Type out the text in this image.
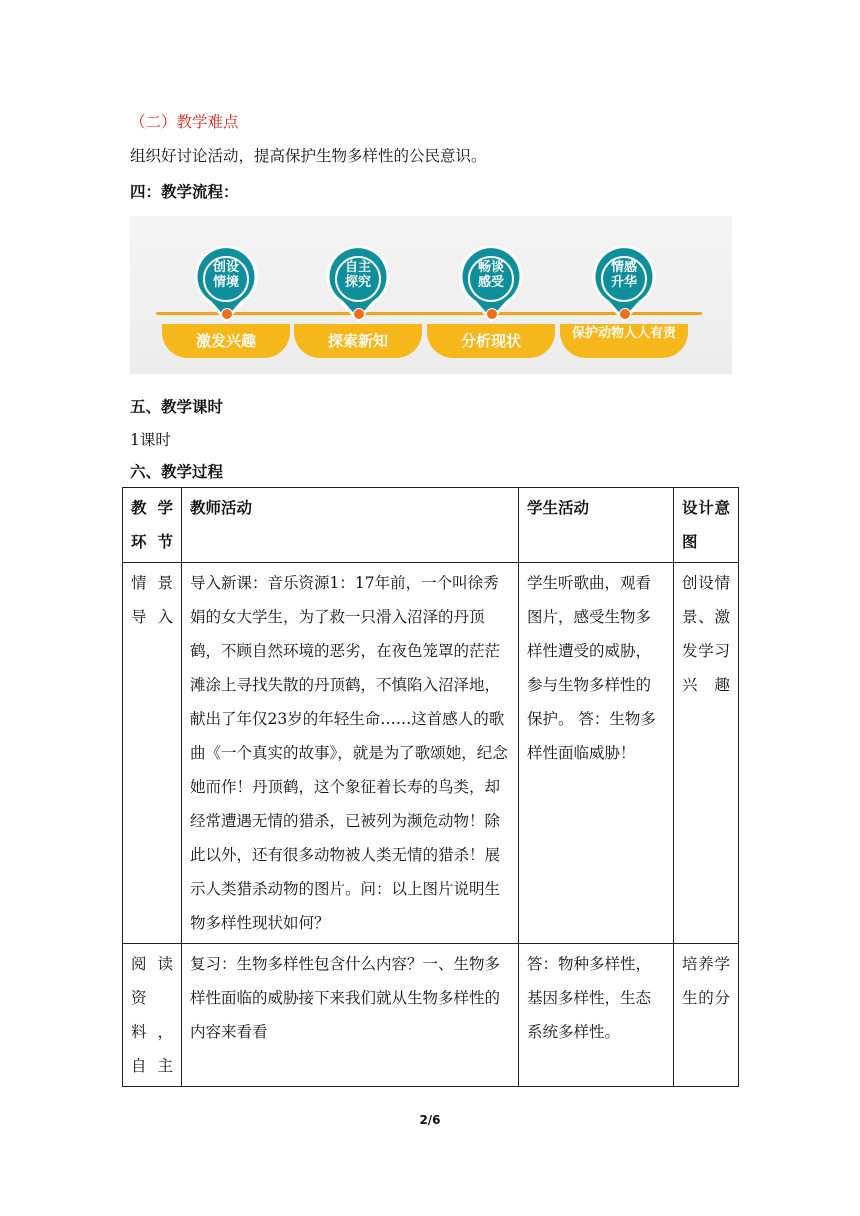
（二）教学难点
组织好讨论活动，提高保护生物多样性的公民意识。
四：教学流程：
创设
情境
激发兴趣
自主
探究
探索新知
畅谈
感受
分析现状
情感
升华
保护动物人人有责
五、教学课时
1课时
六、教学过程
教学环节	教师活动	学生活动	设计意图
情景导入	导入新课：音乐资源1：17年前，一个叫徐秀娟的女大学生，为了救一只滑入沼泽的丹顶鹤，不顾自然环境的恶劣，在夜色笼罩的茫茫滩涂上寻找失散的丹顶鹤，不慎陷入沼泽地，献出了年仅23岁的年轻生命……这首感人的歌曲《一个真实的故事》，就是为了歌颂她，纪念她而作！丹顶鹤，这个象征着长寿的鸟类，却经常遭遇无情的猎杀，已被列为濒危动物！除此以外，还有很多动物被人类无情的猎杀！展示人类猎杀动物的图片。问：以上图片说明生物多样性现状如何？	学生听歌曲，观看图片，感受生物多样性遭受的威胁，参与生物多样性的保护。 答：生物多样性面临威胁！	创设情景、激发学习兴趣
阅读资料，自主	复习：生物多样性包含什么内容？一、生物多样性面临的威胁接下来我们就从生物多样性的内容来看看	答：物种多样性，基因多样性，生态系统多样性。	培养学生的分
2/6
